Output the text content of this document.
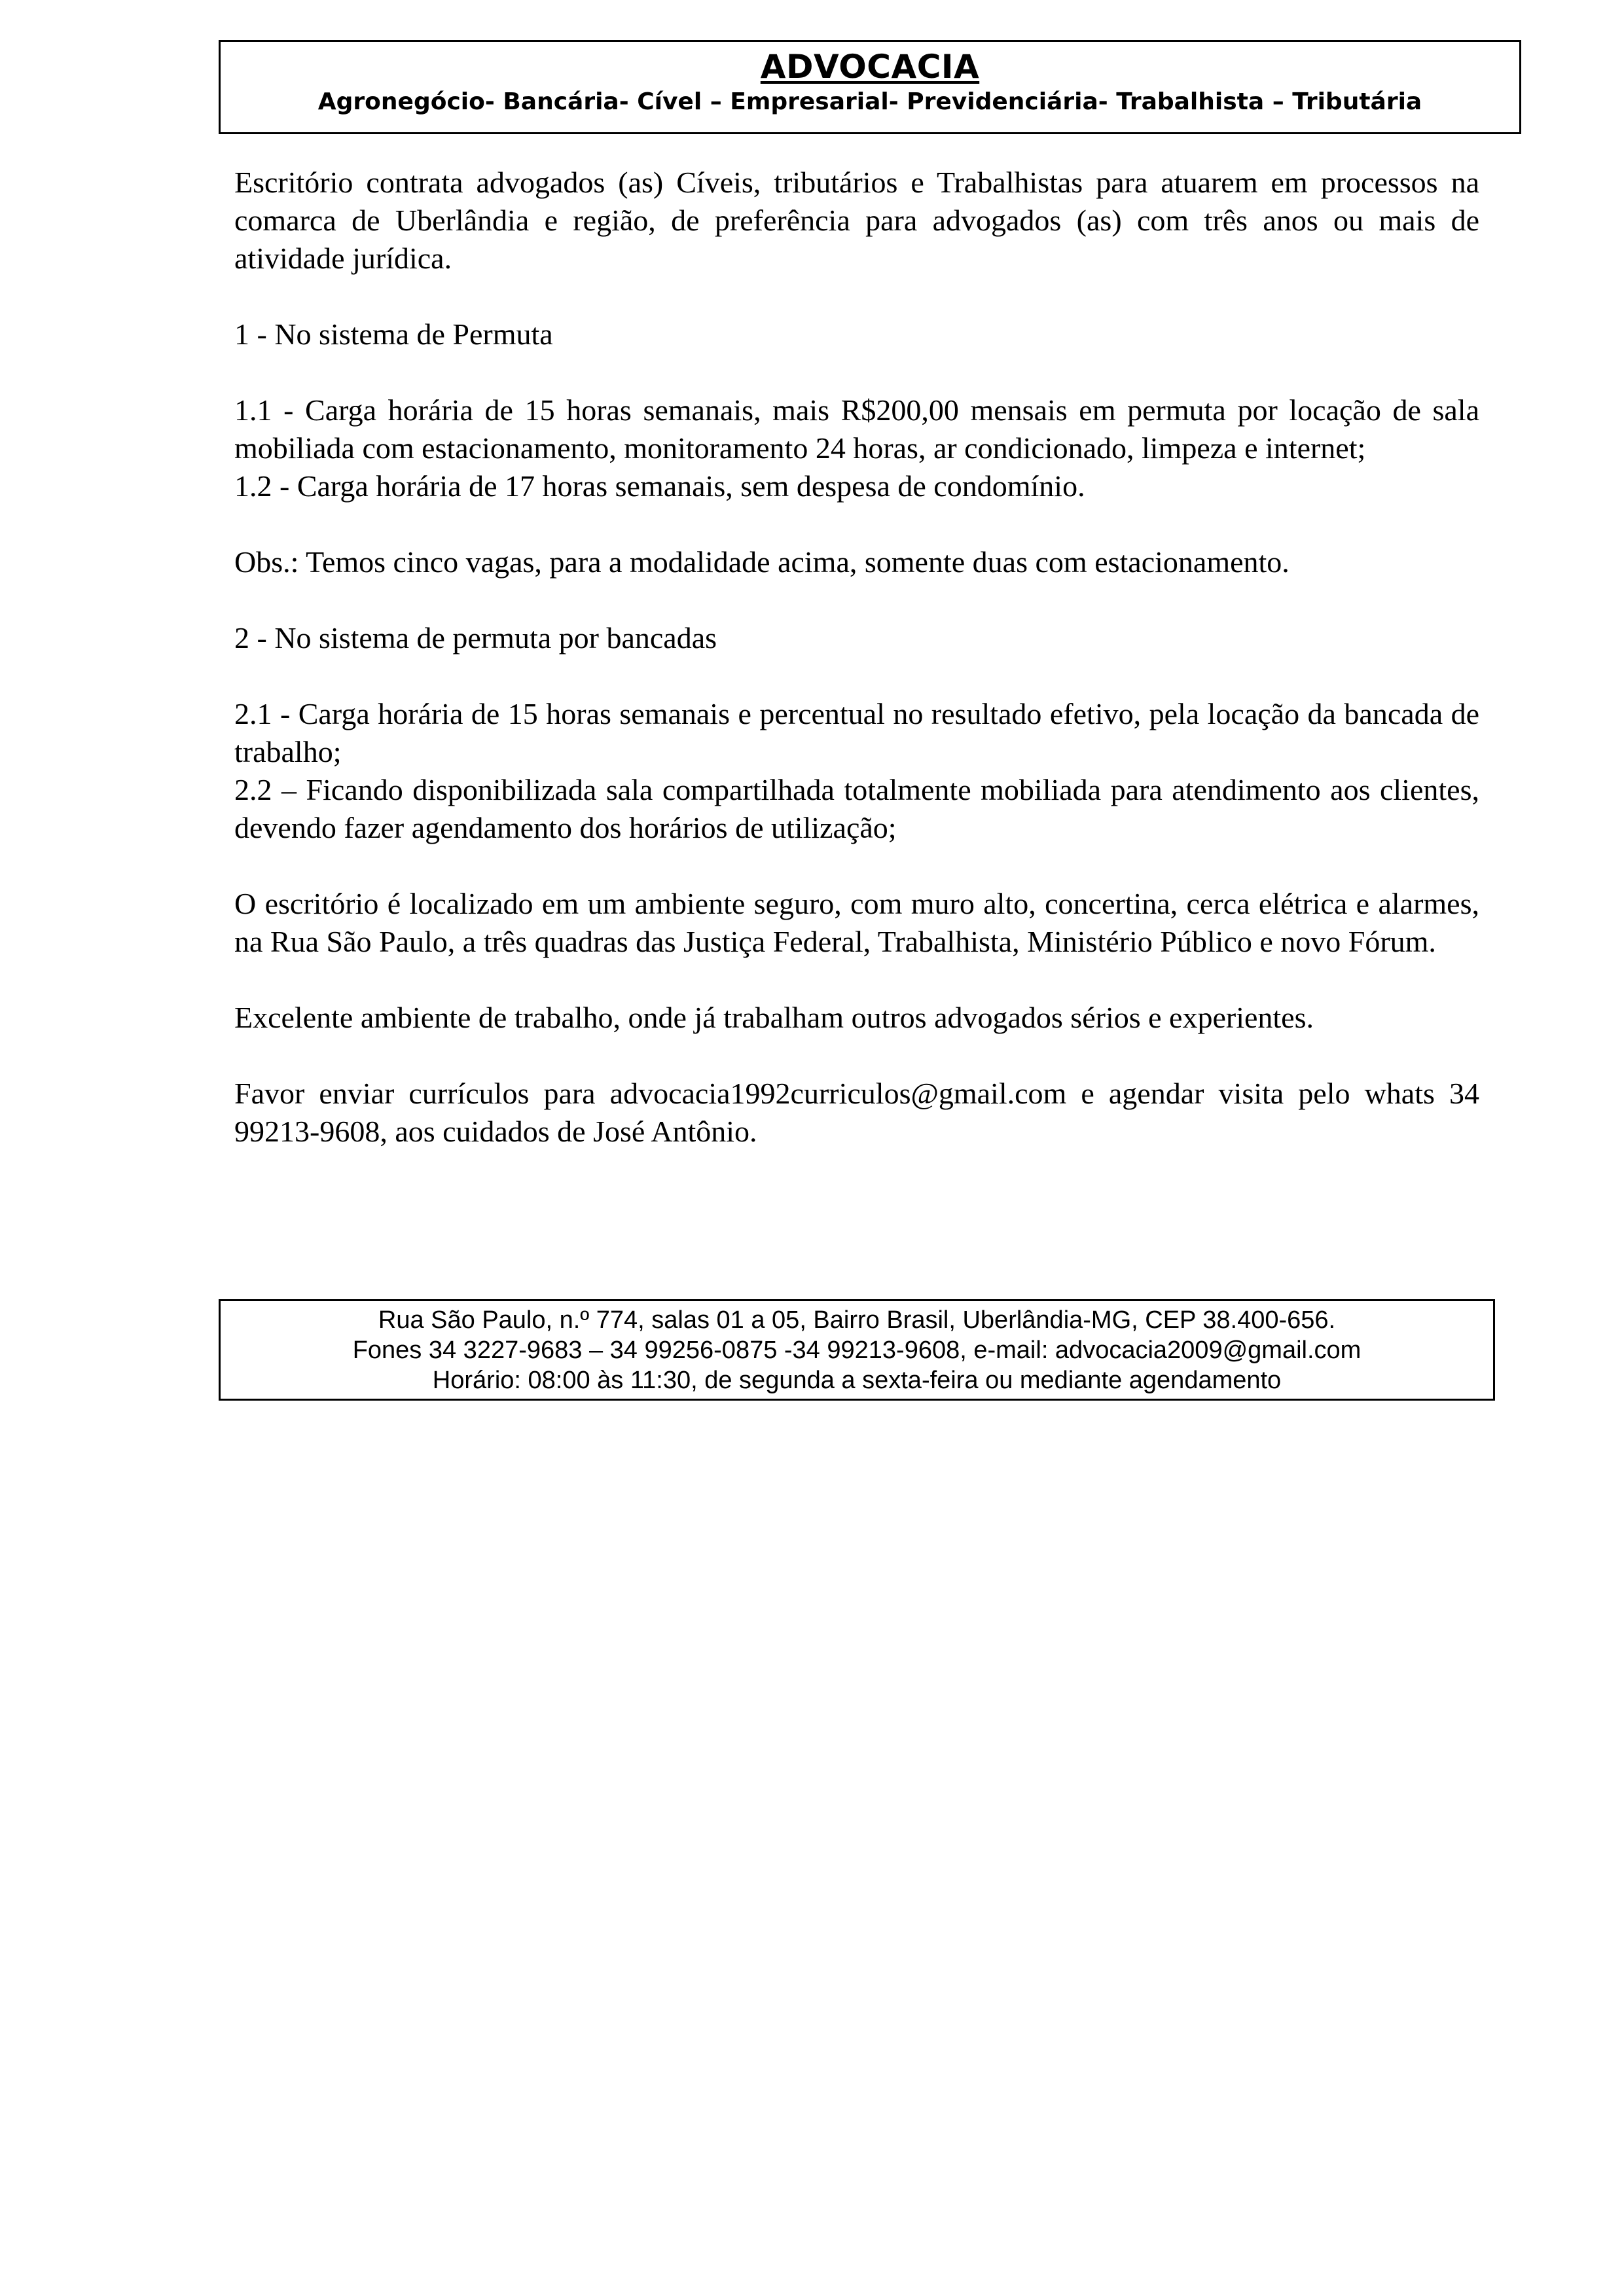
ADVOCACIA
Agronegócio- Bancária- Cível – Empresarial- Previdenciária- Trabalhista – Tributária

Escritório contrata advogados (as) Cíveis, tributários e Trabalhistas para atuarem em processos na comarca de Uberlândia e região, de preferência para advogados (as) com três anos ou mais de atividade jurídica.

1 - No sistema de Permuta

1.1 - Carga horária de 15 horas semanais, mais R$200,00 mensais em permuta por locação de sala mobiliada com estacionamento, monitoramento 24 horas, ar condicionado, limpeza e internet;

1.2 - Carga horária de 17 horas semanais, sem despesa de condomínio.

Obs.: Temos cinco vagas, para a modalidade acima, somente duas com estacionamento.

2 - No sistema de permuta por bancadas

2.1 - Carga horária de 15 horas semanais e percentual no resultado efetivo, pela locação da bancada de trabalho;

2.2 – Ficando disponibilizada sala compartilhada totalmente mobiliada para atendimento aos clientes, devendo fazer agendamento dos horários de utilização;

O escritório é localizado em um ambiente seguro, com muro alto, concertina, cerca elétrica e alarmes, na Rua São Paulo, a três quadras das Justiça Federal, Trabalhista, Ministério Público e novo Fórum.

Excelente ambiente de trabalho, onde já trabalham outros advogados sérios e experientes.

Favor enviar currículos para advocacia1992curriculos@gmail.com e agendar visita pelo whats 34 99213-9608, aos cuidados de José Antônio.

Rua São Paulo, n.º 774, salas 01 a 05, Bairro Brasil, Uberlândia-MG, CEP 38.400-656.
Fones 34 3227-9683 – 34 99256-0875 -34 99213-9608, e-mail: advocacia2009@gmail.com
Horário: 08:00 às 11:30, de segunda a sexta-feira ou mediante agendamento
